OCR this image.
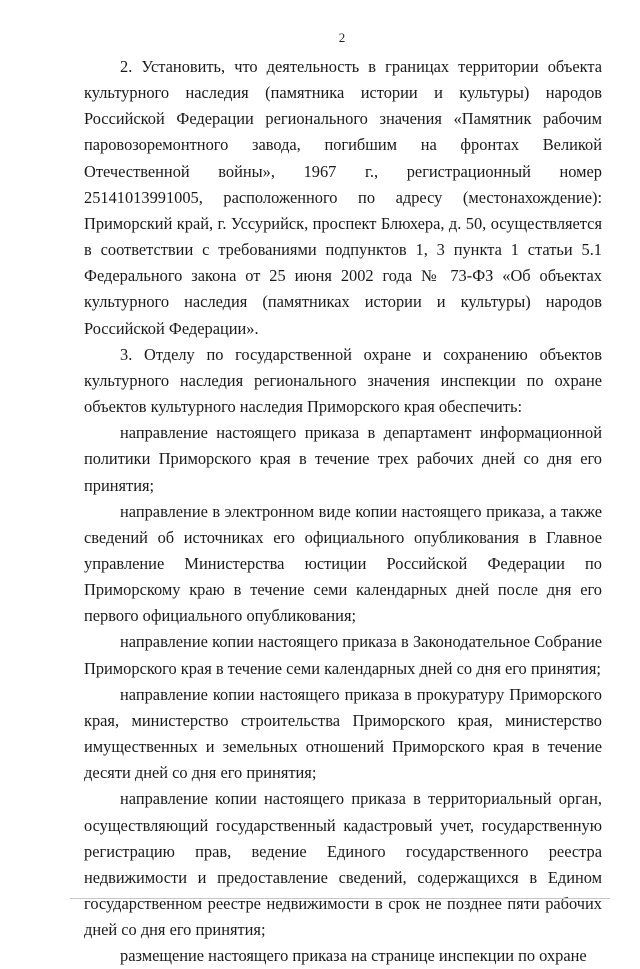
2

2. Установить, что деятельность в границах территории объекта культурного наследия (памятника истории и культуры) народов Российской Федерации регионального значения «Памятник рабочим паровозоремонтного завода, погибшим на фронтах Великой Отечественной войны», 1967 г., регистрационный номер 25141013991005, расположенного по адресу (местонахождение): Приморский край, г. Уссурийск, проспект Блюхера, д. 50, осуществляется в соответствии с требованиями подпунктов 1, 3 пункта 1 статьи 5.1 Федерального закона от 25 июня 2002 года № 73-ФЗ «Об объектах культурного наследия (памятниках истории и культуры) народов Российской Федерации».

3. Отделу по государственной охране и сохранению объектов культурного наследия регионального значения инспекции по охране объектов культурного наследия Приморского края обеспечить:

направление настоящего приказа в департамент информационной политики Приморского края в течение трех рабочих дней со дня его принятия;

направление в электронном виде копии настоящего приказа, а также сведений об источниках его официального опубликования в Главное управление Министерства юстиции Российской Федерации по Приморскому краю в течение семи календарных дней после дня его первого официального опубликования;

направление копии настоящего приказа в Законодательное Собрание Приморского края в течение семи календарных дней со дня его принятия;

направление копии настоящего приказа в прокуратуру Приморского края, министерство строительства Приморского края, министерство имущественных и земельных отношений Приморского края в течение десяти дней со дня его принятия;

направление копии настоящего приказа в территориальный орган, осуществляющий государственный кадастровый учет, государственную регистрацию прав, ведение Единого государственного реестра недвижимости и предоставление сведений, содержащихся в Едином государственном реестре недвижимости в срок не позднее пяти рабочих дней со дня его принятия;

размещение настоящего приказа на странице инспекции по охране
